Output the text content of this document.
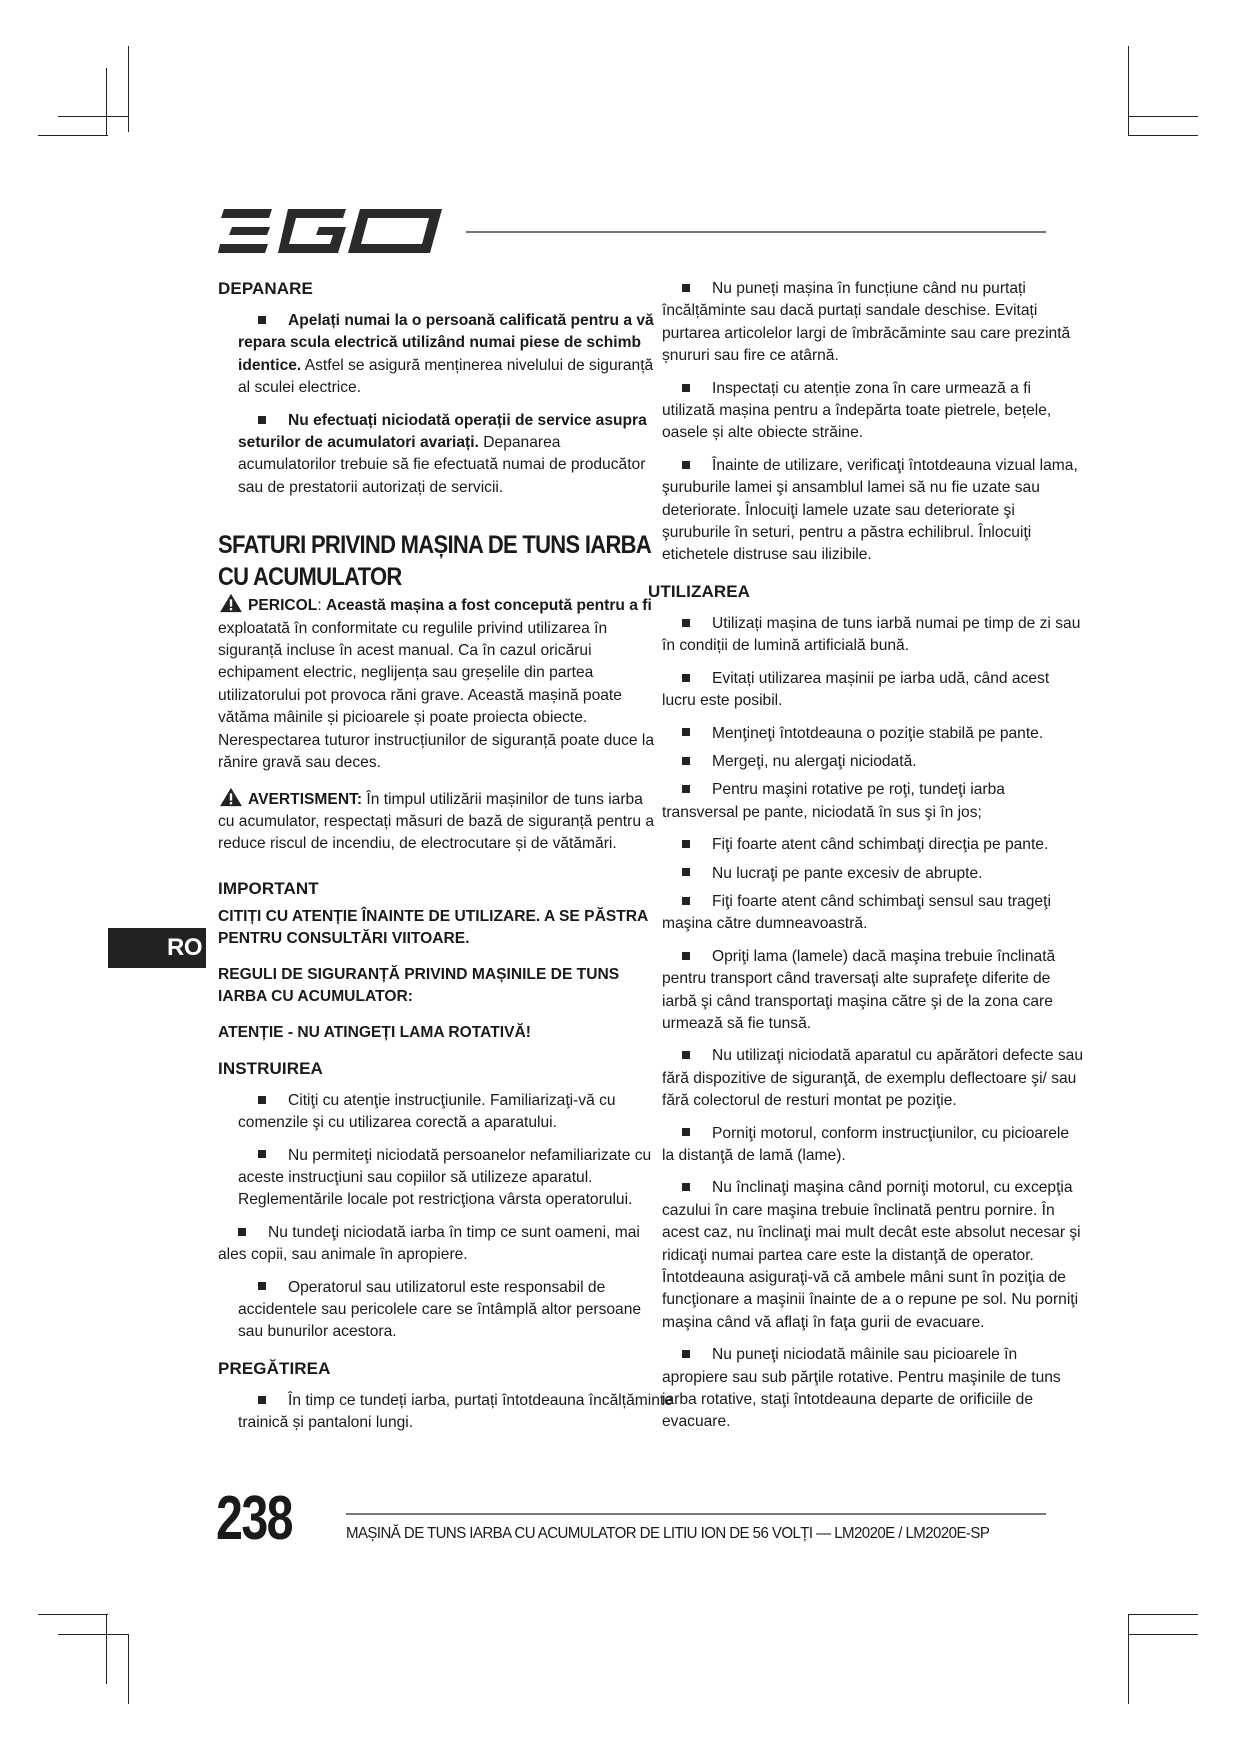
DEPANARE
Apelați numai la o persoană calificată pentru a vă repara scula electrică utilizând numai piese de schimb identice. Astfel se asigură menținerea nivelului de siguranță al sculei electrice.
Nu efectuați niciodată operații de service asupra seturilor de acumulatori avariați. Depanarea acumulatorilor trebuie să fie efectuată numai de producător sau de prestatorii autorizați de servicii.
SFATURI PRIVIND MAȘINA DE TUNS IARBA CU ACUMULATOR
PERICOL: Această mașina a fost concepută pentru a fi exploatată în conformitate cu regulile privind utilizarea în siguranță incluse în acest manual. Ca în cazul oricărui echipament electric, neglijența sau greșelile din partea utilizatorului pot provoca răni grave. Această mașină poate vătăma mâinile și picioarele și poate proiecta obiecte. Nerespectarea tuturor instrucțiunilor de siguranță poate duce la rănire gravă sau deces.
AVERTISMENT: În timpul utilizării mașinilor de tuns iarba cu acumulator, respectați măsuri de bază de siguranță pentru a reduce riscul de incendiu, de electrocutare și de vătămări.
IMPORTANT
CITIȚI CU ATENȚIE ÎNAINTE DE UTILIZARE. A SE PĂSTRA PENTRU CONSULTĂRI VIITOARE.
REGULI DE SIGURANȚĂ PRIVIND MAȘINILE DE TUNS IARBA CU ACUMULATOR:
ATENȚIE - NU ATINGEȚI LAMA ROTATIVĂ!
INSTRUIREA
Citiţi cu atenţie instrucţiunile. Familiarizaţi-vă cu comenzile şi cu utilizarea corectă a aparatului.
Nu permiteţi niciodată persoanelor nefamiliarizate cu aceste instrucţiuni sau copiilor să utilizeze aparatul. Reglementările locale pot restricţiona vârsta operatorului.
Nu tundeţi niciodată iarba în timp ce sunt oameni, mai ales copii, sau animale în apropiere.
Operatorul sau utilizatorul este responsabil de accidentele sau pericolele care se întâmplă altor persoane sau bunurilor acestora.
PREGĂTIREA
În timp ce tundeți iarba, purtați întotdeauna încălțăminte trainică și pantaloni lungi.
Nu puneți mașina în funcțiune când nu purtați încălțăminte sau dacă purtați sandale deschise. Evitați purtarea articolelor largi de îmbrăcăminte sau care prezintă șnururi sau fire ce atârnă.
Inspectați cu atenție zona în care urmează a fi utilizată mașina pentru a îndepărta toate pietrele, bețele, oasele și alte obiecte străine.
Înainte de utilizare, verificaţi întotdeauna vizual lama, şuruburile lamei şi ansamblul lamei să nu fie uzate sau deteriorate. Înlocuiţi lamele uzate sau deteriorate şi şuruburile în seturi, pentru a păstra echilibrul. Înlocuiţi etichetele distruse sau ilizibile.
UTILIZAREA
Utilizați mașina de tuns iarbă numai pe timp de zi sau în condiții de lumină artificială bună.
Evitați utilizarea mașinii pe iarba udă, când acest lucru este posibil.
Menţineţi întotdeauna o poziţie stabilă pe pante.
Mergeţi, nu alergaţi niciodată.
Pentru maşini rotative pe roţi, tundeţi iarba transversal pe pante, niciodată în sus şi în jos;
Fiţi foarte atent când schimbaţi direcţia pe pante.
Nu lucraţi pe pante excesiv de abrupte.
Fiţi foarte atent când schimbaţi sensul sau trageţi maşina către dumneavoastră.
Opriţi lama (lamele) dacă maşina trebuie înclinată pentru transport când traversaţi alte suprafeţe diferite de iarbă şi când transportaţi maşina către şi de la zona care urmează să fie tunsă.
Nu utilizaţi niciodată aparatul cu apărători defecte sau fără dispozitive de siguranţă, de exemplu deflectoare şi/ sau fără colectorul de resturi montat pe poziţie.
Porniţi motorul, conform instrucţiunilor, cu picioarele la distanţă de lamă (lame).
Nu înclinaţi maşina când porniţi motorul, cu excepţia cazului în care maşina trebuie înclinată pentru pornire. În acest caz, nu înclinaţi mai mult decât este absolut necesar şi ridicaţi numai partea care este la distanţă de operator. Întotdeauna asiguraţi-vă că ambele mâni sunt în poziţia de funcţionare a maşinii înainte de a o repune pe sol. Nu porniţi maşina când vă aflaţi în faţa gurii de evacuare.
Nu puneţi niciodată mâinile sau picioarele în apropiere sau sub părţile rotative. Pentru maşinile de tuns iarba rotative, staţi întotdeauna departe de orificiile de evacuare.
RO
238	MAȘINĂ DE TUNS IARBA CU ACUMULATOR DE LITIU ION DE 56 VOLȚI — LM2020E / LM2020E-SP
